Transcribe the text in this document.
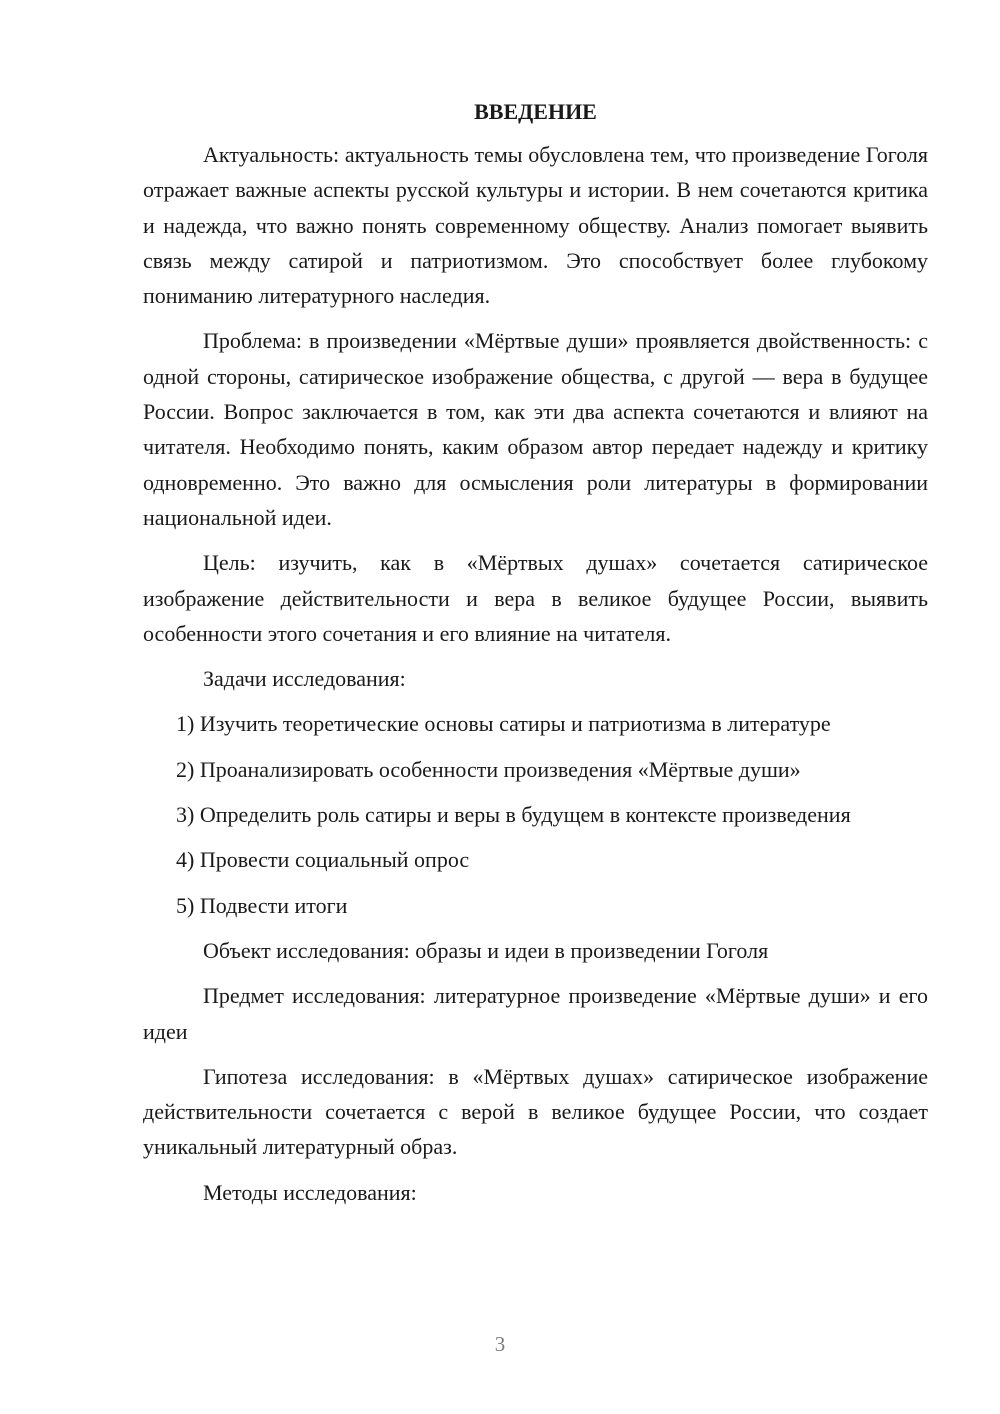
ВВЕДЕНИЕ

Актуальность: актуальность темы обусловлена тем, что произведение Гоголя отражает важные аспекты русской культуры и истории. В нем сочетаются критика и надежда, что важно понять современному обществу. Анализ помогает выявить связь между сатирой и патриотизмом. Это способствует более глубокому пониманию литературного наследия.

Проблема: в произведении «Мёртвые души» проявляется двойственность: с одной стороны, сатирическое изображение общества, с другой — вера в будущее России. Вопрос заключается в том, как эти два аспекта сочетаются и влияют на читателя. Необходимо понять, каким образом автор передает надежду и критику одновременно. Это важно для осмысления роли литературы в формировании национальной идеи.

Цель: изучить, как в «Мёртвых душах» сочетается сатирическое изображение действительности и вера в великое будущее России, выявить особенности этого сочетания и его влияние на читателя.

Задачи исследования:

1) Изучить теоретические основы сатиры и патриотизма в литературе

2) Проанализировать особенности произведения «Мёртвые души»

3) Определить роль сатиры и веры в будущем в контексте произведения

4) Провести социальный опрос

5) Подвести итоги

Объект исследования: образы и идеи в произведении Гоголя

Предмет исследования: литературное произведение «Мёртвые души» и его идеи

Гипотеза исследования: в «Мёртвых душах» сатирическое изображение действительности сочетается с верой в великое будущее России, что создает уникальный литературный образ.

Методы исследования:

3
